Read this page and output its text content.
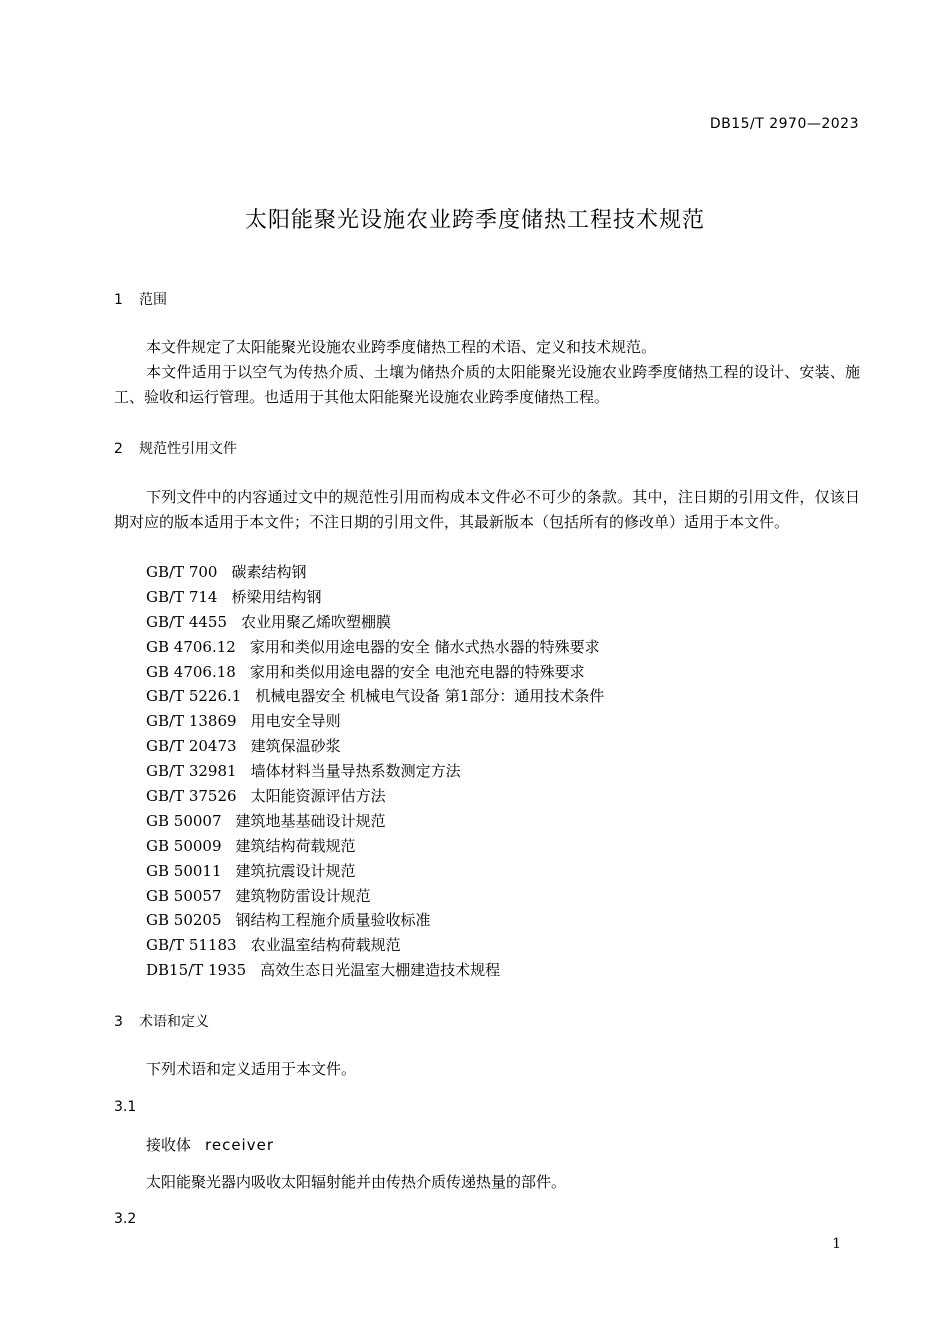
DB15/T 2970—2023
太阳能聚光设施农业跨季度储热工程技术规范
1 范围

本文件规定了太阳能聚光设施农业跨季度储热工程的术语、定义和技术规范。

本文件适用于以空气为传热介质、土壤为储热介质的太阳能聚光设施农业跨季度储热工程的设计、安装、施工、验收和运行管理。也适用于其他太阳能聚光设施农业跨季度储热工程。

2 规范性引用文件

下列文件中的内容通过文中的规范性引用而构成本文件必不可少的条款。其中，注日期的引用文件，仅该日期对应的版本适用于本文件；不注日期的引用文件，其最新版本（包括所有的修改单）适用于本文件。

GB/T 700 碳素结构钢
GB/T 714 桥梁用结构钢
GB/T 4455 农业用聚乙烯吹塑棚膜
GB 4706.12 家用和类似用途电器的安全 储水式热水器的特殊要求
GB 4706.18 家用和类似用途电器的安全 电池充电器的特殊要求
GB/T 5226.1 机械电器安全 机械电气设备 第1部分：通用技术条件
GB/T 13869 用电安全导则
GB/T 20473 建筑保温砂浆
GB/T 32981 墙体材料当量导热系数测定方法
GB/T 37526 太阳能资源评估方法
GB 50007 建筑地基基础设计规范
GB 50009 建筑结构荷载规范
GB 50011 建筑抗震设计规范
GB 50057 建筑物防雷设计规范
GB 50205 钢结构工程施介质量验收标准
GB/T 51183 农业温室结构荷载规范
DB15/T 1935 高效生态日光温室大棚建造技术规程
3 术语和定义

下列术语和定义适用于本文件。

3.1
接收体 receiver

太阳能聚光器内吸收太阳辐射能并由传热介质传递热量的部件。

3.2
1
